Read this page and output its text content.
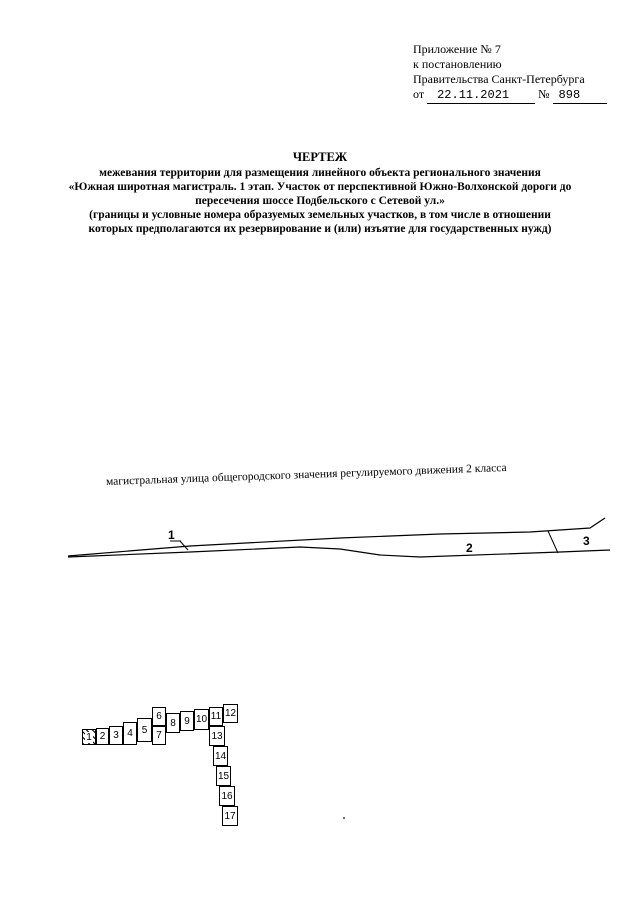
Приложение № 7
к постановлению
Правительства Санкт-Петербурга
от 22.11.2021 № 898
ЧЕРТЕЖ
межевания территории для размещения линейного объекта регионального значения
«Южная широтная магистраль. 1 этап. Участок от перспективной Южно-Волхонской дороги до
пересечения шоссе Подбельского с Сетевой ул.»
(границы и условные номера образуемых земельных участков, в том числе в отношении
которых предполагаются их резервирование и (или) изъятие для государственных нужд)
магистральная улица общегородского значения регулируемого движения 2 класса
1
2	3
1 2 3 4 5
6
7
8 9 10 11 12
13
14
15
16
17
